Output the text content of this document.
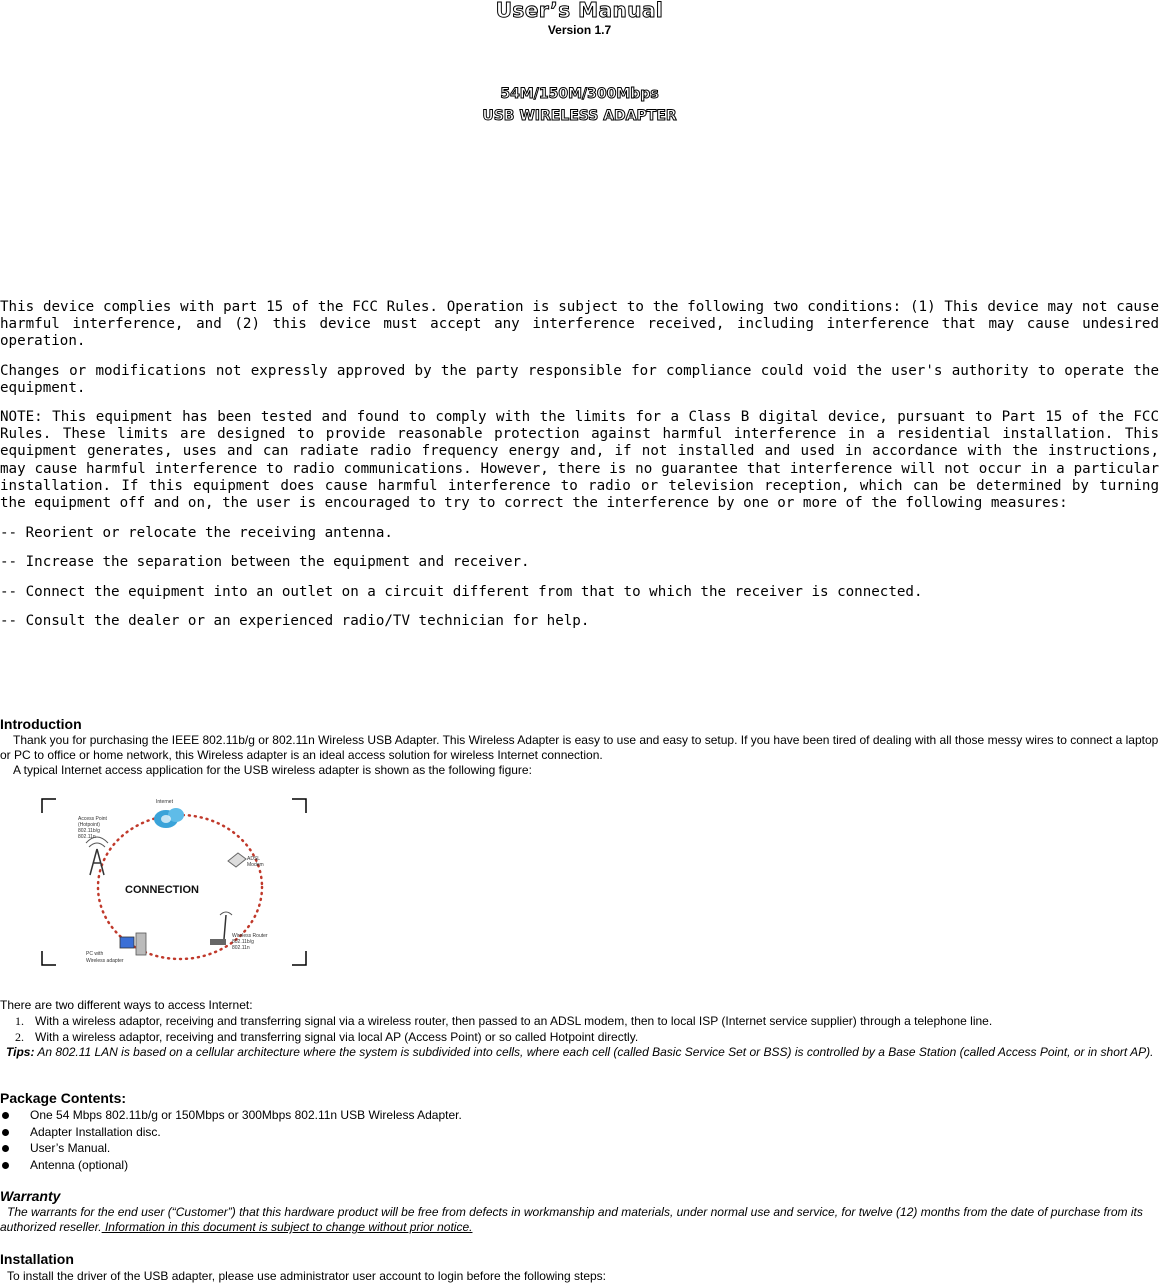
User’s Manual
Version 1.7
54M/150M/300Mbps
USB WIRELESS ADAPTER

This device complies with part 15 of the FCC Rules. Operation is subject to the following two conditions: (1) This device may not cause harmful interference, and (2) this device must accept any interference received, including interference that may cause undesired operation.

Changes or modifications not expressly approved by the party responsible for compliance could void the user's authority to operate the equipment.

NOTE: This equipment has been tested and found to comply with the limits for a Class B digital device, pursuant to Part 15 of the FCC Rules. These limits are designed to provide reasonable protection against harmful interference in a residential installation. This equipment generates, uses and can radiate radio frequency energy and, if not installed and used in accordance with the instructions, may cause harmful interference to radio communications. However, there is no guarantee that interference will not occur in a particular installation. If this equipment does cause harmful interference to radio or television reception, which can be determined by turning the equipment off and on, the user is encouraged to try to correct the interference by one or more of the following measures:

-- Reorient or relocate the receiving antenna.
-- Increase the separation between the equipment and receiver.
-- Connect the equipment into an outlet on a circuit different from that to which the receiver is connected.
-- Consult the dealer or an experienced radio/TV technician for help.
Introduction

Thank you for purchasing the IEEE 802.11b/g or 802.11n Wireless USB Adapter. This Wireless Adapter is easy to use and easy to setup. If you have been tired of dealing with all those messy wires to connect a laptop or PC to office or home network, this Wireless adapter is an ideal access solution for wireless Internet connection.

A typical Internet access application for the USB wireless adapter is shown as the following figure:

CONNECTION
Internet
Access Point (Hotpoint) 802.11b/g 802.11n
ADSL Modem
Wireless Router 802.11b/g 802.11n
PC with Wireless adapter
There are two different ways to access Internet:
1. With a wireless adaptor, receiving and transferring signal via a wireless router, then passed to an ADSL modem, then to local ISP (Internet service supplier) through a telephone line.
2. With a wireless adaptor, receiving and transferring signal via local AP (Access Point) or so called Hotpoint directly.

Tips: An 802.11 LAN is based on a cellular architecture where the system is subdivided into cells, where each cell (called Basic Service Set or BSS) is controlled by a Base Station (called Access Point, or in short AP).

Package Contents:
One 54 Mbps 802.11b/g or 150Mbps or 300Mbps 802.11n USB Wireless Adapter.
Adapter Installation disc.
User’s Manual.
Antenna (optional)
Warranty

The warrants for the end user (“Customer”) that this hardware product will be free from defects in workmanship and materials, under normal use and service, for twelve (12) months from the date of purchase from its authorized reseller. Information in this document is subject to change without prior notice.

Installation
To install the driver of the USB adapter, please use administrator user account to login before the following steps:
